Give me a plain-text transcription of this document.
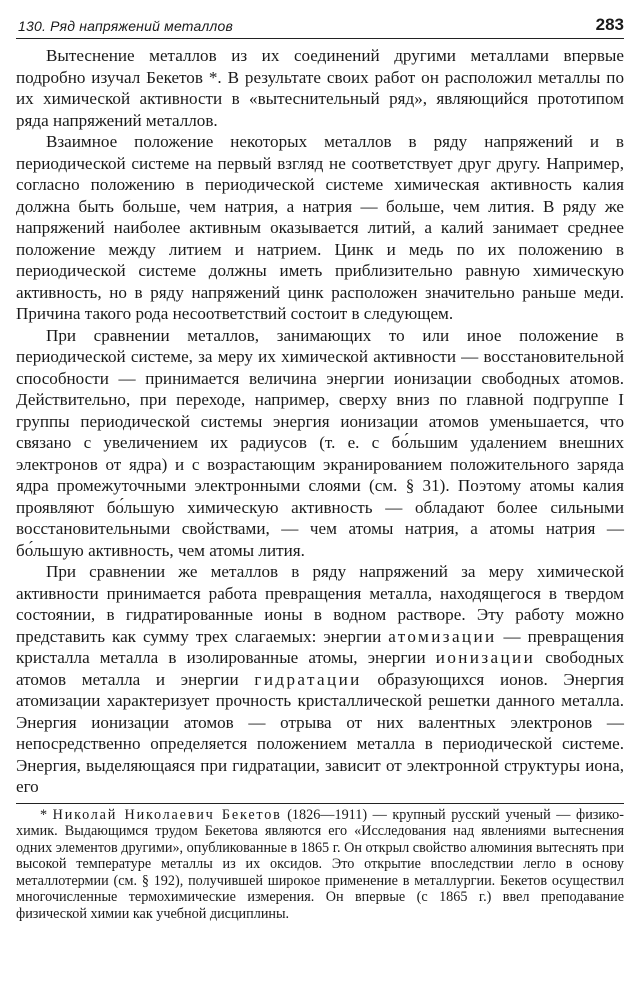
130. Ряд напряжений металлов	283

Вытеснение металлов из их соединений другими металлами впервые подробно изучал Бекетов *. В результате своих работ он расположил металлы по их химической активности в «вытеснительный ряд», являющийся прототипом ряда напряжений металлов.

Взаимное положение некоторых металлов в ряду напряжений и в периодической системе на первый взгляд не соответствует друг другу. Например, согласно положению в периодической системе химическая активность калия должна быть больше, чем натрия, а натрия — больше, чем лития. В ряду же напряжений наиболее активным оказывается литий, а калий занимает среднее положение между литием и натрием. Цинк и медь по их положению в периодической системе должны иметь приблизительно равную химическую активность, но в ряду напряжений цинк расположен значительно раньше меди. Причина такого рода несоответствий состоит в следующем.

При сравнении металлов, занимающих то или иное положение в периодической системе, за меру их химической активности — восстановительной способности — принимается величина энергии ионизации свободных атомов. Действительно, при переходе, например, сверху вниз по главной подгруппе I группы периодической системы энергия ионизации атомов уменьшается, что связано с увеличением их радиусов (т. е. с бо́льшим удалением внешних электронов от ядра) и с возрастающим экранированием положительного заряда ядра промежуточными электронными слоями (см. § 31). Поэтому атомы калия проявляют бо́льшую химическую активность — обладают более сильными восстановительными свойствами, — чем атомы натрия, а атомы натрия — бо́льшую активность, чем атомы лития.

При сравнении же металлов в ряду напряжений за меру химической активности принимается работа превращения металла, находящегося в твердом состоянии, в гидратированные ионы в водном растворе. Эту работу можно представить как сумму трех слагаемых: энергии атомизации — превращения кристалла металла в изолированные атомы, энергии ионизации свободных атомов металла и энергии гидратации образующихся ионов. Энергия атомизации характеризует прочность кристаллической решетки данного металла. Энергия ионизации атомов — отрыва от них валентных электронов — непосредственно определяется положением металла в периодической системе. Энергия, выделяющаяся при гидратации, зависит от электронной структуры иона, его

* Николай Николаевич Бекетов (1826—1911) — крупный русский ученый — физико-химик. Выдающимся трудом Бекетова являются его «Исследования над явлениями вытеснения одних элементов другими», опубликованные в 1865 г. Он открыл свойство алюминия вытеснять при высокой температуре металлы из их оксидов. Это открытие впоследствии легло в основу металлотермии (см. § 192), получившей широкое применение в металлургии. Бекетов осуществил многочисленные термохимические измерения. Он впервые (с 1865 г.) ввел преподавание физической химии как учебной дисциплины.
